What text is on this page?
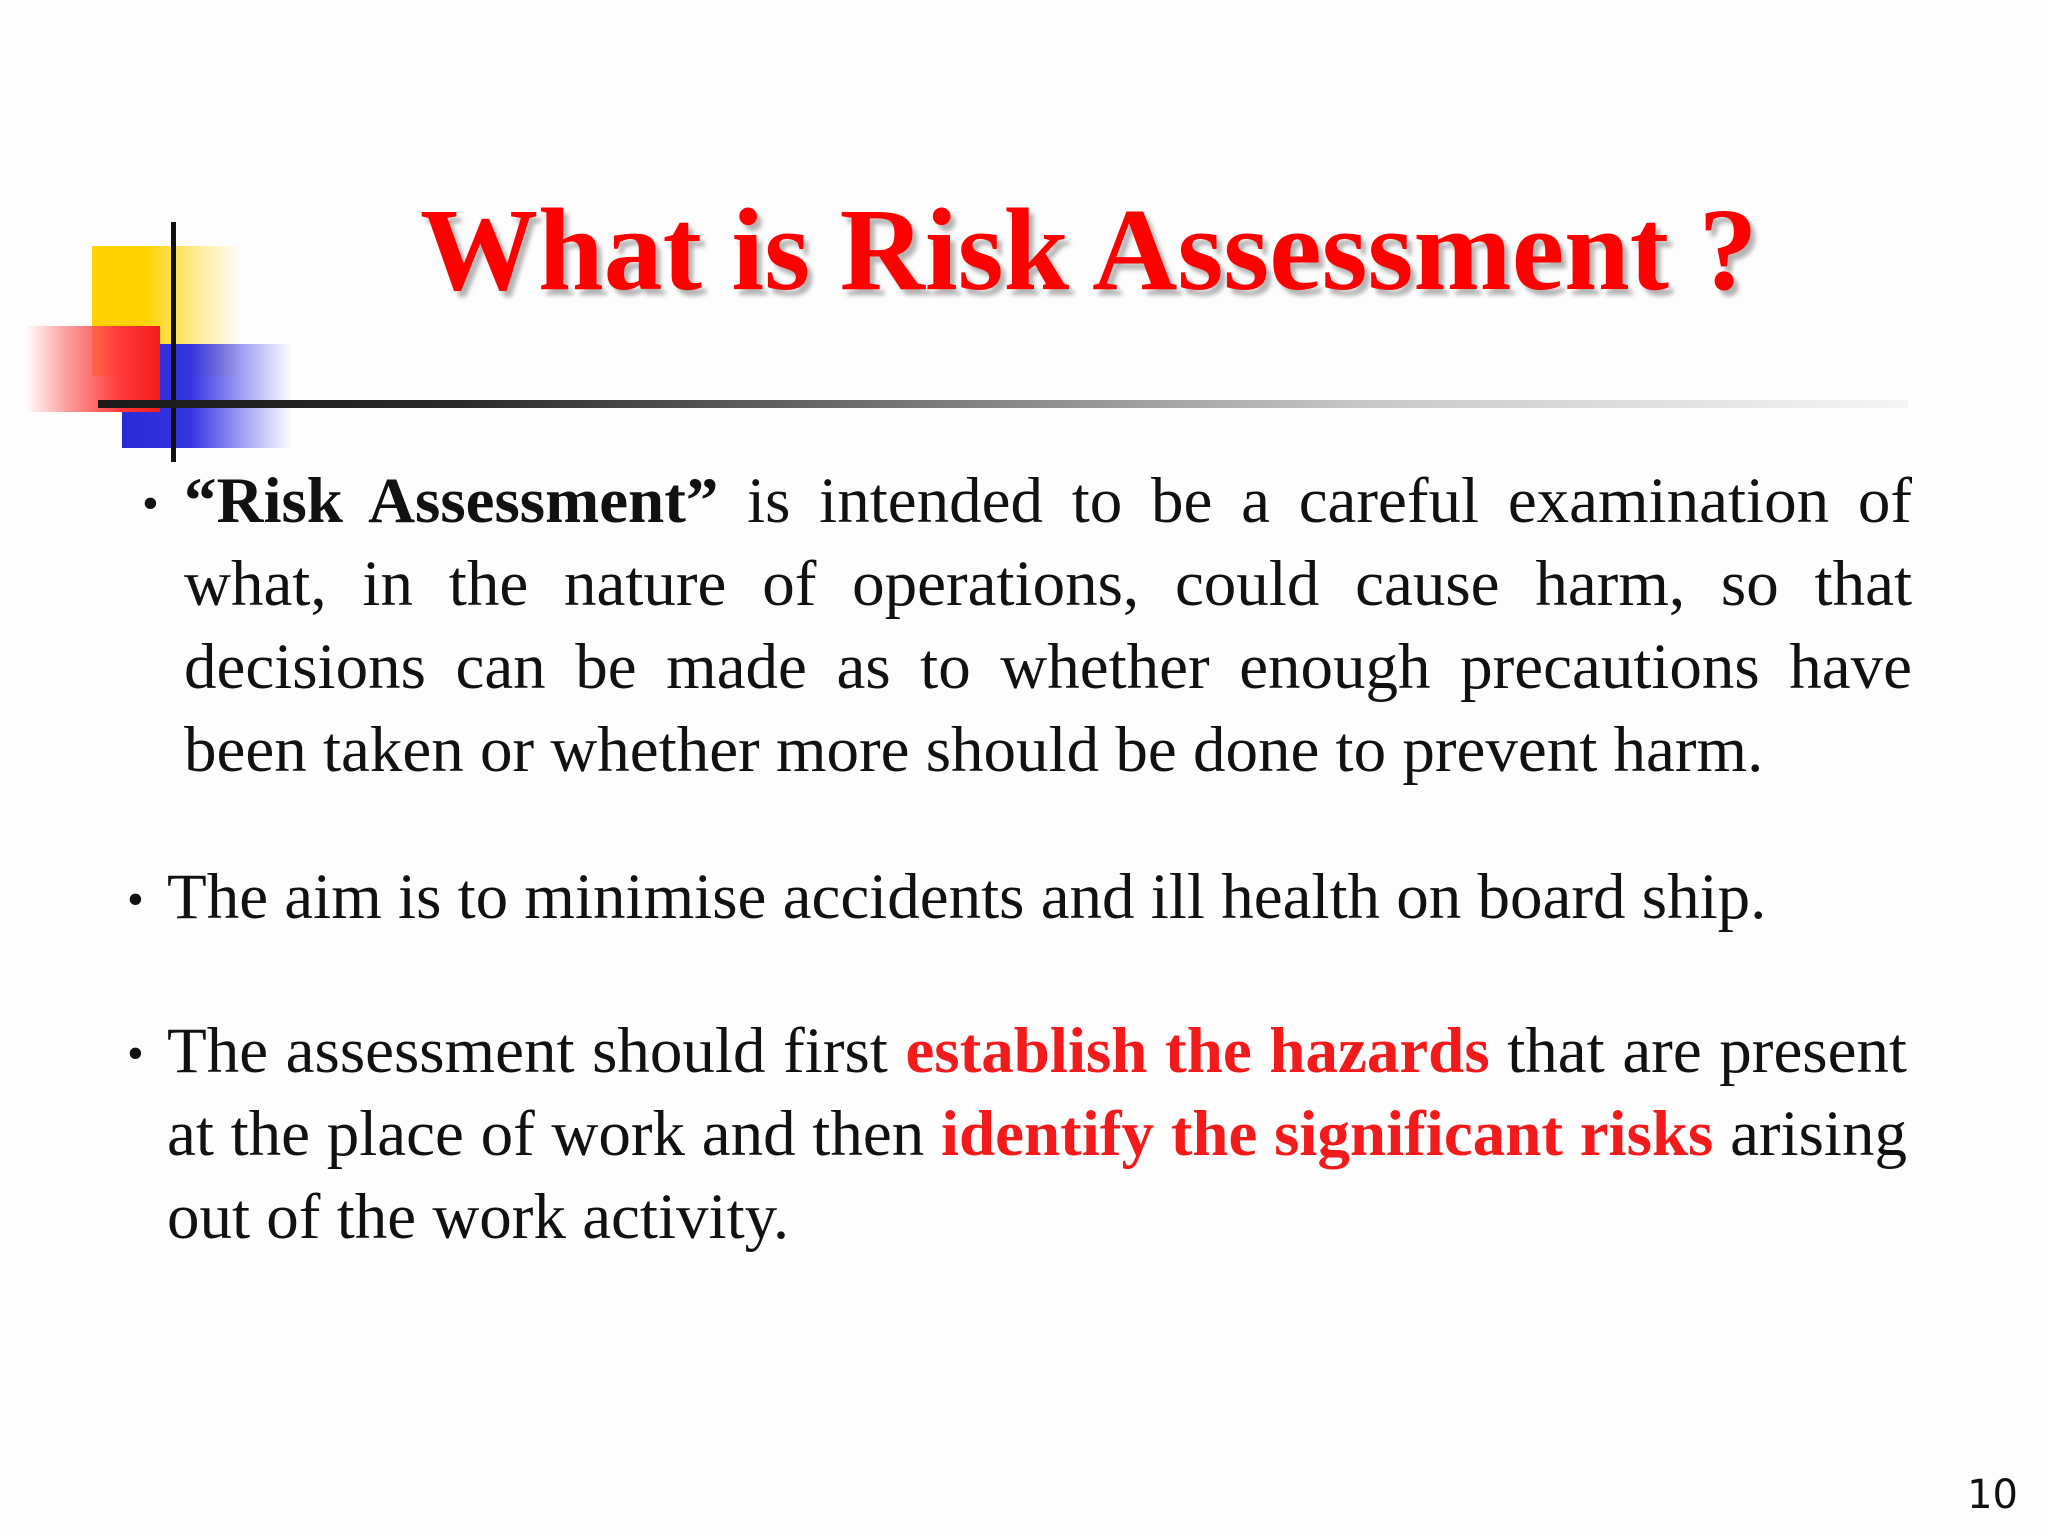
What is Risk Assessment ?
• “Risk Assessment” is intended to be a careful examination of what, in the nature of operations, could cause harm, so that decisions can be made as to whether enough precautions have been taken or whether more should be done to prevent harm.
• The aim is to minimise accidents and ill health on board ship.
• The assessment should first establish the hazards that are present at the place of work and then identify the significant risks arising out of the work activity.
10
